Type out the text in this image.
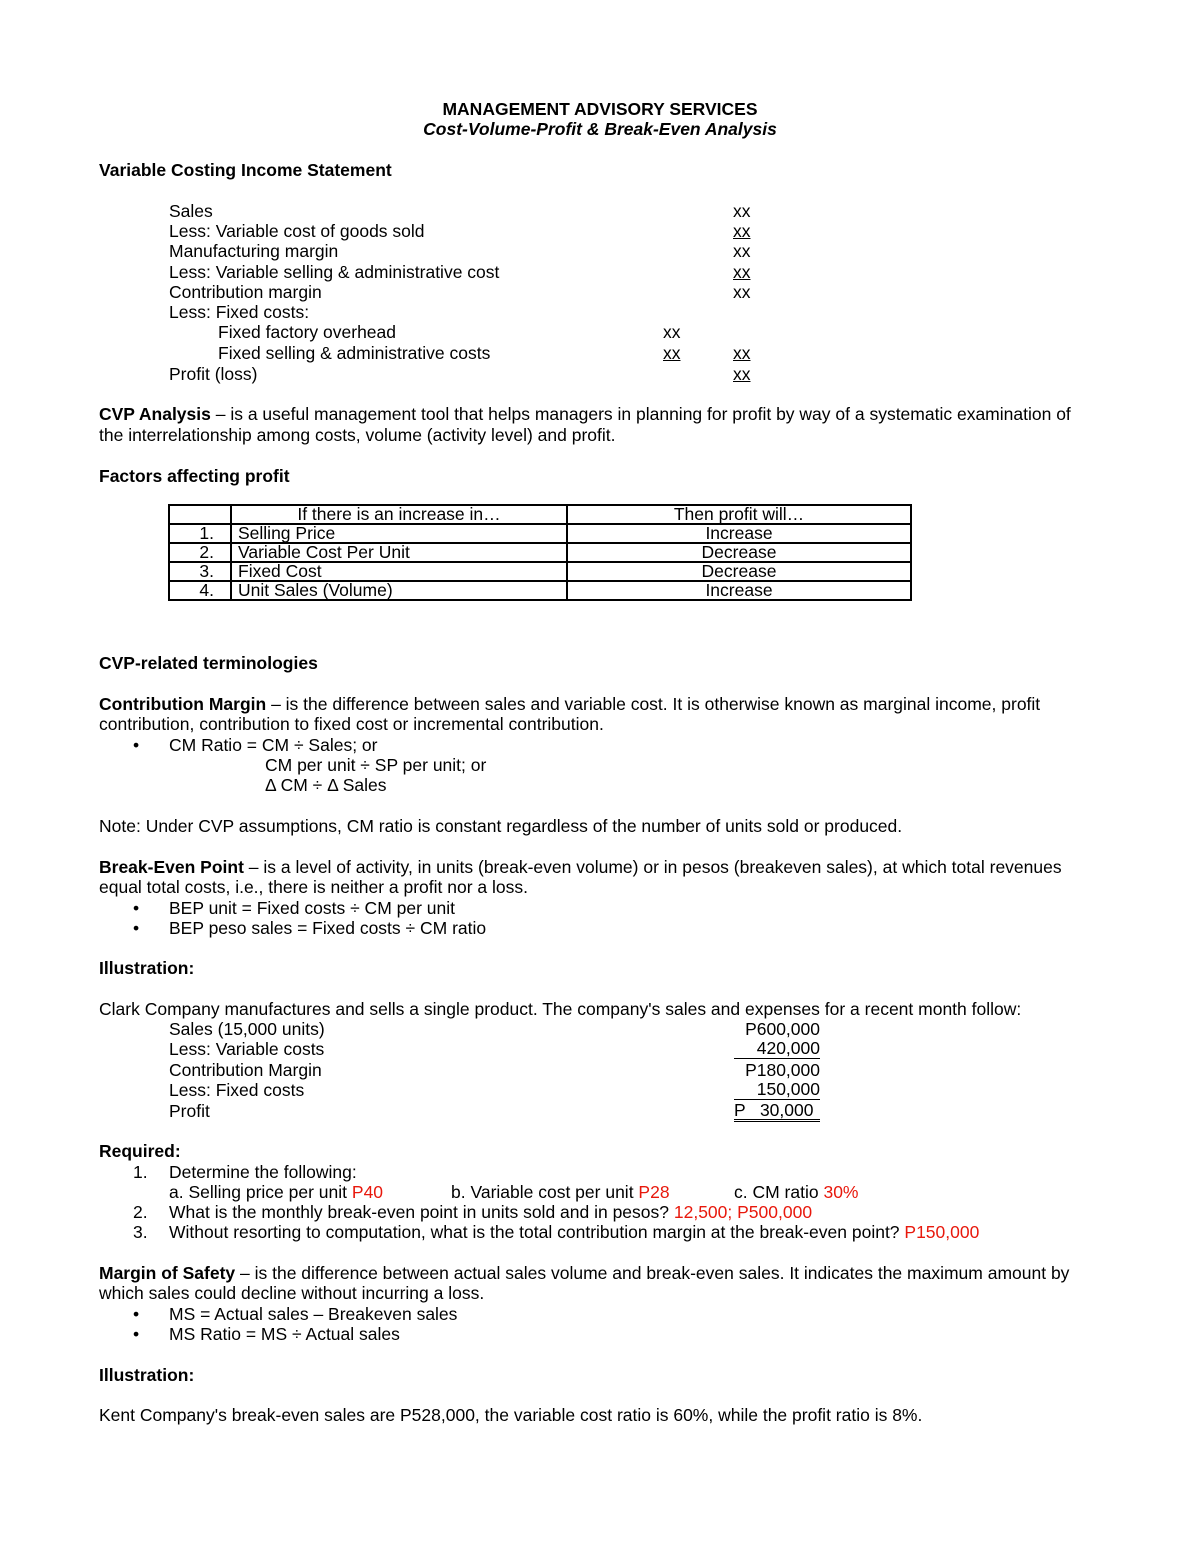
MANAGEMENT ADVISORY SERVICES
Cost-Volume-Profit & Break-Even Analysis
Variable Costing Income Statement
Sales	xx
Less: Variable cost of goods sold	xx
Manufacturing margin	xx
Less: Variable selling & administrative cost	xx
Contribution margin	xx
Less: Fixed costs:
Fixed factory overhead	xx
Fixed selling & administrative costs	xx	xx
Profit (loss)	xx
CVP Analysis – is a useful management tool that helps managers in planning for profit by way of a systematic examination of
the interrelationship among costs, volume (activity level) and profit.
Factors affecting profit
	If there is an increase in…	Then profit will…
1.	Selling Price	Increase
2.	Variable Cost Per Unit	Decrease
3.	Fixed Cost	Decrease
4.	Unit Sales (Volume)	Increase
CVP-related terminologies
Contribution Margin – is the difference between sales and variable cost. It is otherwise known as marginal income, profit
contribution, contribution to fixed cost or incremental contribution.
• CM Ratio = CM ÷ Sales; or
CM per unit ÷ SP per unit; or
Δ CM ÷ Δ Sales
Note: Under CVP assumptions, CM ratio is constant regardless of the number of units sold or produced.
Break-Even Point – is a level of activity, in units (break-even volume) or in pesos (breakeven sales), at which total revenues
equal total costs, i.e., there is neither a profit nor a loss.
• BEP unit = Fixed costs ÷ CM per unit
• BEP peso sales = Fixed costs ÷ CM ratio
Illustration:
Clark Company manufactures and sells a single product. The company's sales and expenses for a recent month follow:
Sales (15,000 units)	P600,000
Less: Variable costs	420,000
Contribution Margin	P180,000
Less: Fixed costs	150,000
Profit	P   30,000
Required:
1. Determine the following:
a. Selling price per unit P40	b. Variable cost per unit P28	c. CM ratio 30%
2. What is the monthly break-even point in units sold and in pesos? 12,500; P500,000
3. Without resorting to computation, what is the total contribution margin at the break-even point? P150,000
Margin of Safety – is the difference between actual sales volume and break-even sales. It indicates the maximum amount by
which sales could decline without incurring a loss.
• MS = Actual sales – Breakeven sales
• MS Ratio = MS ÷ Actual sales
Illustration:
Kent Company's break-even sales are P528,000, the variable cost ratio is 60%, while the profit ratio is 8%.
